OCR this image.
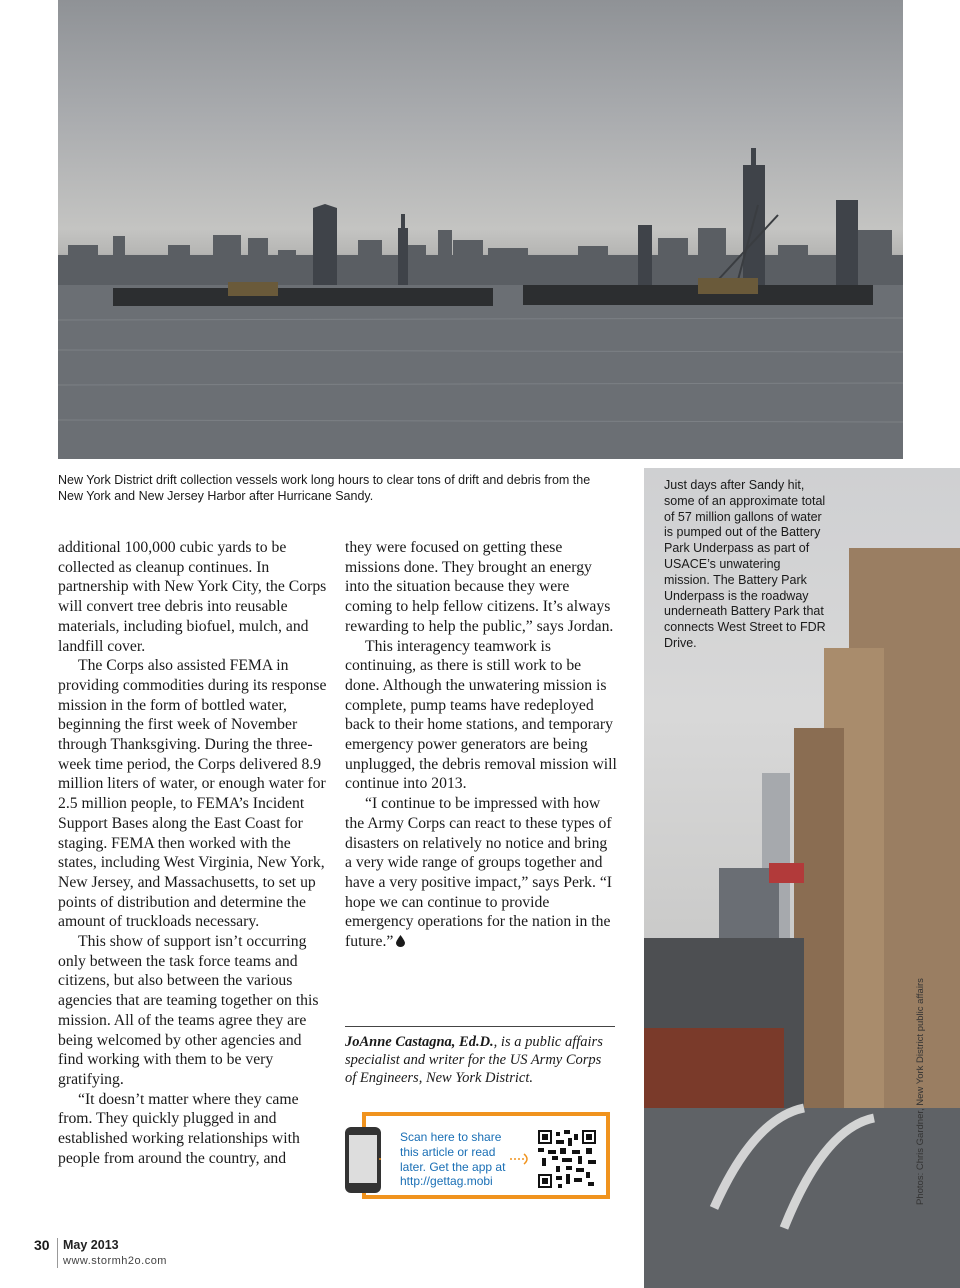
New York District drift collection vessels work long hours to clear tons of drift and debris from the New York and New Jersey Harbor after Hurricane Sandy.
Just days after Sandy hit, some of an approximate total of 57 million gallons of water is pumped out of the Battery Park Underpass as part of USACE’s unwatering mission. The Battery Park Underpass is the roadway underneath Battery Park that connects West Street to FDR Drive.

additional 100,000 cubic yards to be collected as cleanup continues. In partnership with New York City, the Corps will convert tree debris into reusable materials, including biofuel, mulch, and landfill cover.

The Corps also assisted FEMA in providing commodities during its response mission in the form of bottled water, beginning the first week of November through Thanksgiving. During the three-week time period, the Corps delivered 8.9 million liters of water, or enough water for 2.5 million people, to FEMA’s Incident Support Bases along the East Coast for staging. FEMA then worked with the states, including West Virginia, New York, New Jersey, and Massachusetts, to set up points of distribution and determine the amount of truckloads necessary.

This show of support isn’t occurring only between the task force teams and citizens, but also between the various agencies that are teaming together on this mission. All of the teams agree they are being welcomed by other agencies and find working with them to be very gratifying.

“It doesn’t matter where they came from. They quickly plugged in and established working relationships with people from around the country, and

they were focused on getting these missions done. They brought an energy into the situation because they were coming to help fellow citizens. It’s always rewarding to help the public,” says Jordan.

This interagency teamwork is continuing, as there is still work to be done. Although the unwatering mission is complete, pump teams have redeployed back to their home stations, and temporary emergency power generators are being unplugged, the debris removal mission will continue into 2013.

“I continue to be impressed with how the Army Corps can react to these types of disasters on relatively no notice and bring a very wide range of groups together and have a very positive impact,” says Perk. “I hope we can continue to provide emergency operations for the nation in the future.”

JoAnne Castagna, Ed.D., is a public affairs specialist and writer for the US Army Corps of Engineers, New York District.
Scan here to share this article or read later. Get the app at http://gettag.mobi	Photos: Chris Gardner, New York District public affairs
30 May 2013
www.stormh2o.com
